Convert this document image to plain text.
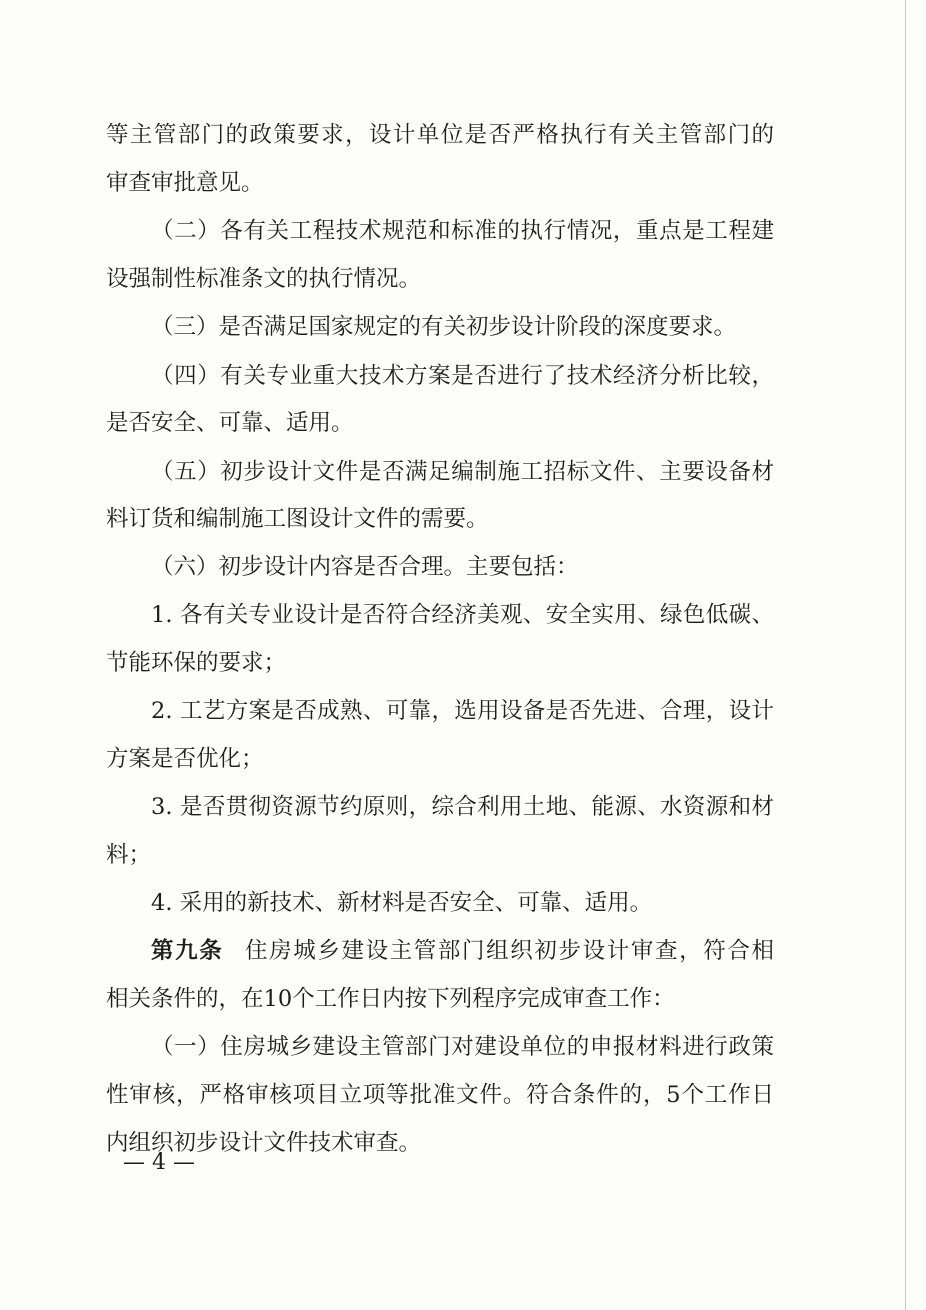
等主管部门的政策要求，设计单位是否严格执行有关主管部门的
审查审批意见。
（二）各有关工程技术规范和标准的执行情况，重点是工程建
设强制性标准条文的执行情况。
（三）是否满足国家规定的有关初步设计阶段的深度要求。
（四）有关专业重大技术方案是否进行了技术经济分析比较，
是否安全、可靠、适用。
（五）初步设计文件是否满足编制施工招标文件、主要设备材
料订货和编制施工图设计文件的需要。
（六）初步设计内容是否合理。主要包括：
1. 各有关专业设计是否符合经济美观、安全实用、绿色低碳、
节能环保的要求；
2. 工艺方案是否成熟、可靠，选用设备是否先进、合理，设计
方案是否优化；
3. 是否贯彻资源节约原则，综合利用土地、能源、水资源和材
料；
4. 采用的新技术、新材料是否安全、可靠、适用。
第九条 住房城乡建设主管部门组织初步设计审查，符合相
相关条件的，在10个工作日内按下列程序完成审查工作：
（一）住房城乡建设主管部门对建设单位的申报材料进行政策
性审核，严格审核项目立项等批准文件。符合条件的，5个工作日
内组织初步设计文件技术审查。
— 4 —
